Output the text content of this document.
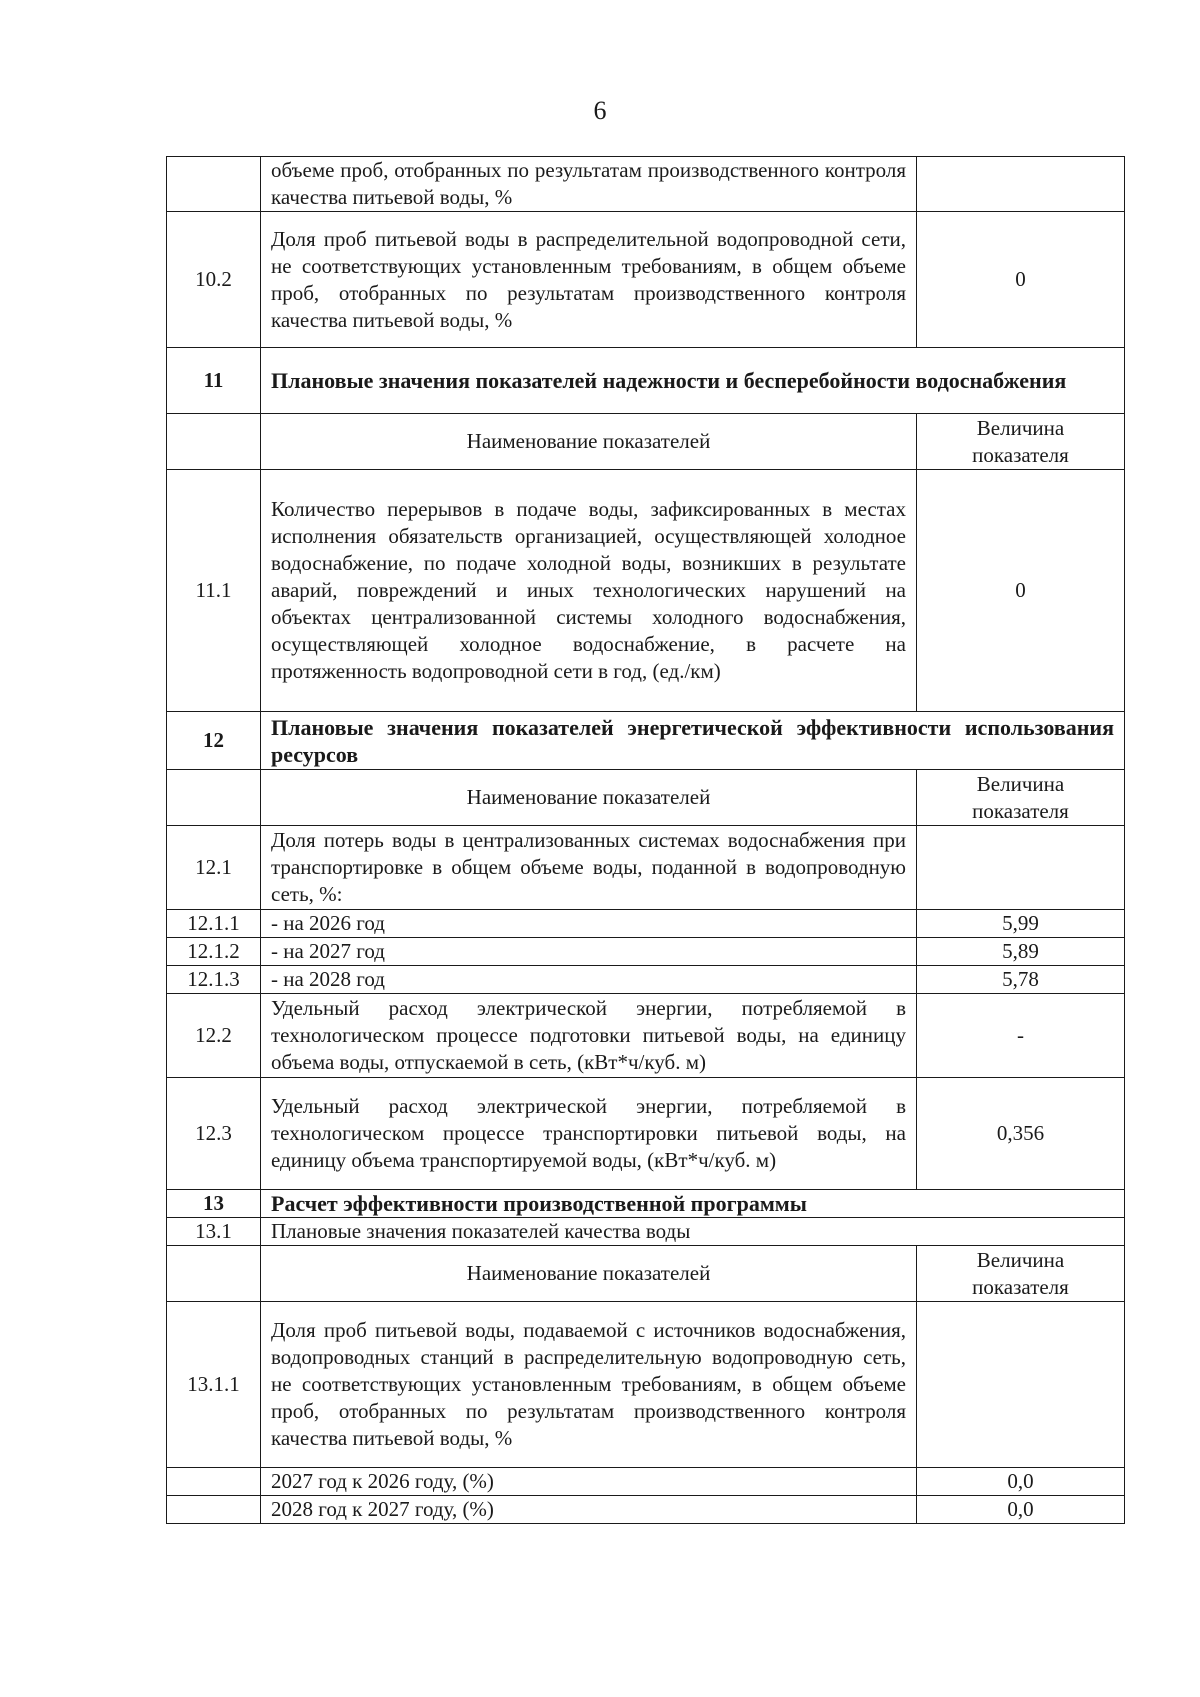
6
	объеме проб, отобранных по результатам производственного контроля качества питьевой воды, %	
10.2	Доля проб питьевой воды в распределительной водопроводной сети, не соответствующих установленным требованиям, в общем объеме проб, отобранных по результатам производственного контроля качества питьевой воды, %	0
11	Плановые значения показателей надежности и бесперебойности водоснабжения	
	Наименование показателей	Величина показателя
11.1	Количество перерывов в подаче воды, зафиксированных в местах исполнения обязательств организацией, осуществляющей холодное водоснабжение, по подаче холодной воды, возникших в результате аварий, повреждений и иных технологических нарушений на объектах централизованной системы холодного водоснабжения, осуществляющей холодное водоснабжение, в расчете на протяженность водопроводной сети в год, (ед./км)	0
12	Плановые значения показателей энергетической эффективности использования ресурсов	
	Наименование показателей	Величина показателя
12.1	Доля потерь воды в централизованных системах водоснабжения при транспортировке в общем объеме воды, поданной в водопроводную сеть, %:	
12.1.1	- на 2026 год	5,99
12.1.2	- на 2027 год	5,89
12.1.3	- на 2028 год	5,78
12.2	Удельный расход электрической энергии, потребляемой в технологическом процессе подготовки питьевой воды, на единицу объема воды, отпускаемой в сеть, (кВт*ч/куб. м)	-
12.3	Удельный расход электрической энергии, потребляемой в технологическом процессе транспортировки питьевой воды, на единицу объема транспортируемой воды, (кВт*ч/куб. м)	0,356
13	Расчет эффективности производственной программы	
13.1	Плановые значения показателей качества воды	
	Наименование показателей	Величина показателя
13.1.1	Доля проб питьевой воды, подаваемой с источников водоснабжения, водопроводных станций в распределительную водопроводную сеть, не соответствующих установленным требованиям, в общем объеме проб, отобранных по результатам производственного контроля качества питьевой воды, %	
	2027 год к 2026 году, (%)	0,0
	2028 год к 2027 году, (%)	0,0
